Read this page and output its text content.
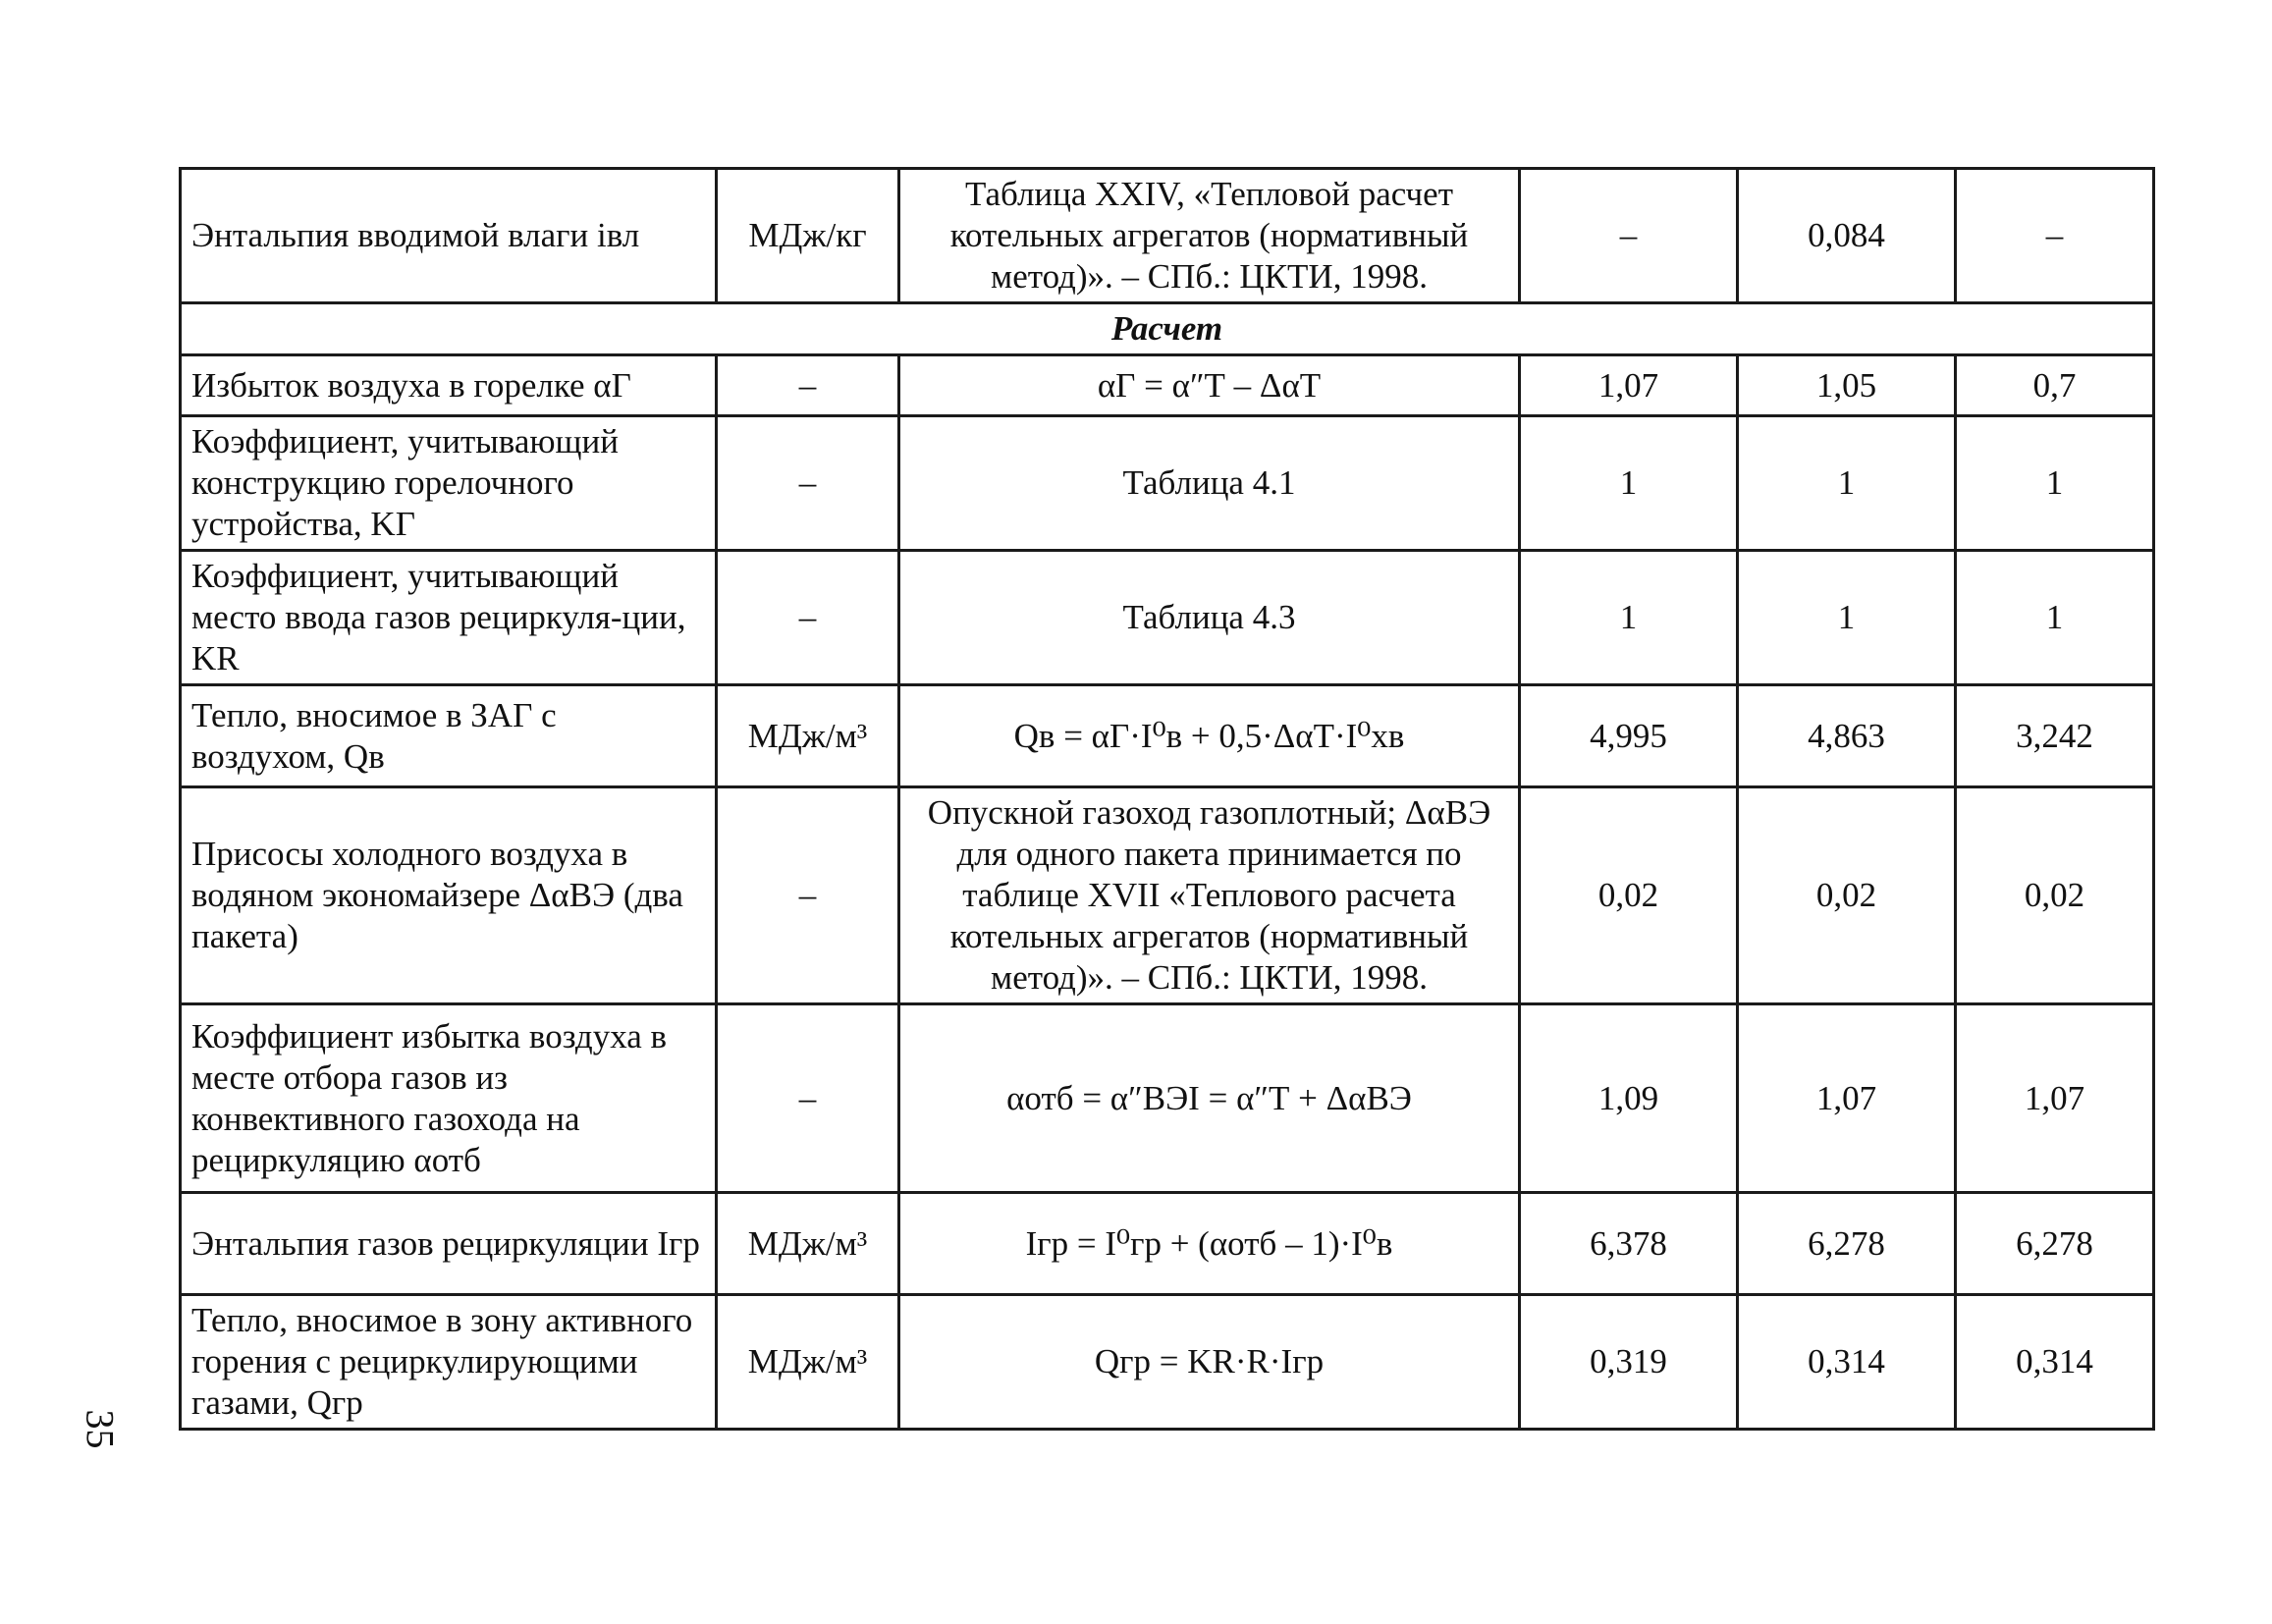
Энтальпия вводимой влаги iвл	МДж/кг	Таблица XXIV, «Тепловой расчет котельных агрегатов (нормативный метод)». – СПб.: ЦКТИ, 1998.	–	0,084	–
Расчет					
Избыток воздуха в горелке αГ	–	αГ = α″Т – ΔαТ	1,07	1,05	0,7
Коэффициент, учитывающий конструкцию горелочного устройства, KГ	–	Таблица 4.1	1	1	1
Коэффициент, учитывающий место ввода газов рециркуля-ции, KR	–	Таблица 4.3	1	1	1
Тепло, вносимое в ЗАГ с воздухом, Qв	МДж/м³	Qв = αГ·I⁰в + 0,5·ΔαТ·I⁰хв	4,995	4,863	3,242
Присосы холодного воздуха в водяном экономайзере ΔαВЭ (два пакета)	–	Опускной газоход газоплотный; ΔαВЭ для одного пакета принимается по таблице XVII «Теплового расчета котельных агрегатов (нормативный метод)». – СПб.: ЦКТИ, 1998.	0,02	0,02	0,02
Коэффициент избытка воздуха в месте отбора газов из конвективного газохода на рециркуляцию αотб	–	αотб = α″ВЭI = α″Т + ΔαВЭ	1,09	1,07	1,07
Энтальпия газов рециркуляции Iгр	МДж/м³	Iгр = I⁰гр + (αотб – 1)·I⁰в	6,378	6,278	6,278
Тепло, вносимое в зону активного горения с рециркулирующими газами, Qгр	МДж/м³	Qгр = KR·R·Iгр	0,319	0,314	0,314
35
